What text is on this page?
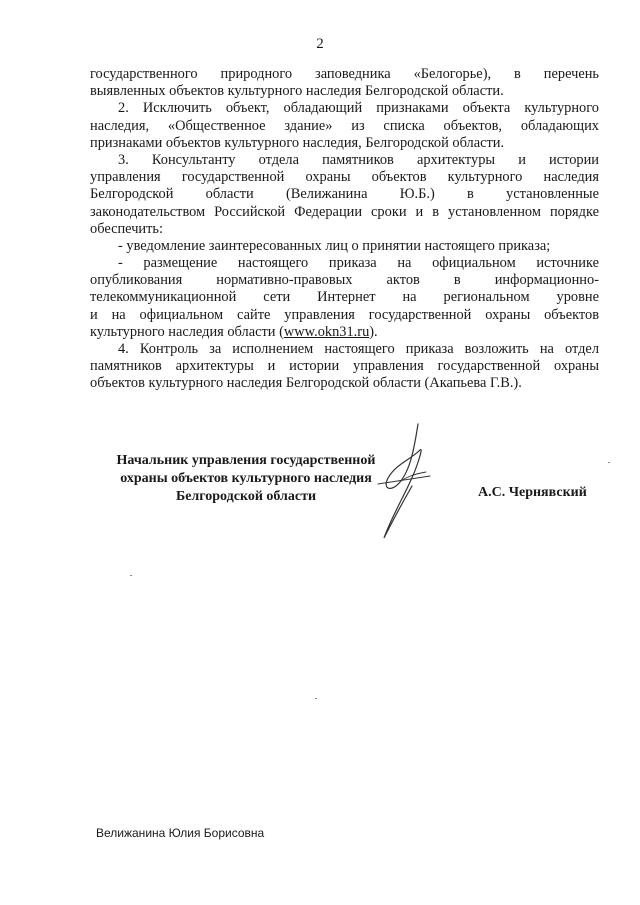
2
государственного природного заповедника «Белогорье), в перечень
выявленных объектов культурного наследия Белгородской области.
2. Исключить объект, обладающий признаками объекта культурного
наследия, «Общественное здание» из списка объектов, обладающих
признаками объектов культурного наследия, Белгородской области.
3. Консультанту отдела памятников архитектуры и истории
управления государственной охраны объектов культурного наследия
Белгородской области (Велижанина Ю.Б.) в установленные
законодательством Российской Федерации сроки и в установленном порядке
обеспечить:
- уведомление заинтересованных лиц о принятии настоящего приказа;
- размещение настоящего приказа на официальном источнике
опубликования нормативно-правовых актов в информационно-
телекоммуникационной сети Интернет на региональном уровне
и на официальном сайте управления государственной охраны объектов
культурного наследия области (www.okn31.ru).
4. Контроль за исполнением настоящего приказа возложить на отдел
памятников архитектуры и истории управления государственной охраны
объектов культурного наследия Белгородской области (Акапьева Г.В.).
Начальник управления государственной
охраны объектов культурного наследия
Белгородской области	А.С. Чернявский
Велижанина Юлия Борисовна
